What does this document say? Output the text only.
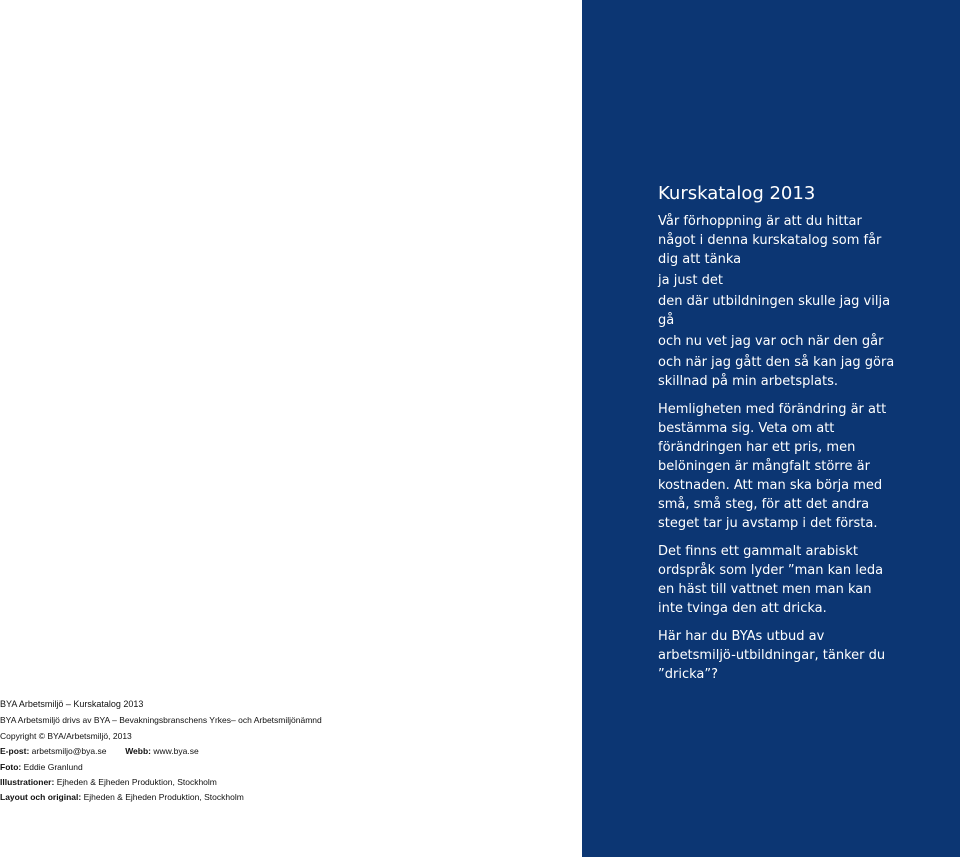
BYA Arbetsmiljö – Kurskatalog 2013
BYA Arbetsmiljö drivs av BYA – Bevakningsbranschens Yrkes– och Arbetsmiljönämnd
Copyright © BYA/Arbetsmiljö, 2013
E-post: arbetsmiljo@bya.se Webb: www.bya.se
Foto: Eddie Granlund
Illustrationer: Ejheden & Ejheden Produktion, Stockholm
Layout och original: Ejheden & Ejheden Produktion, Stockholm
Kurskatalog 2013

Vår förhoppning är att du hittar något i denna kurskatalog som får dig att tänka

ja just det

den där utbildningen skulle jag vilja gå

och nu vet jag var och när den går

och när jag gått den så kan jag göra skillnad på min arbetsplats.

Hemligheten med förändring är att bestämma sig. Veta om att förändringen har ett pris, men belöningen är mångfalt större är kostnaden. Att man ska börja med små, små steg, för att det andra steget tar ju avstamp i det första.

Det finns ett gammalt arabiskt ordspråk som lyder ”man kan leda en häst till vattnet men man kan inte tvinga den att dricka.

Här har du BYAs utbud av arbetsmiljö-utbildningar, tänker du ”dricka”?
